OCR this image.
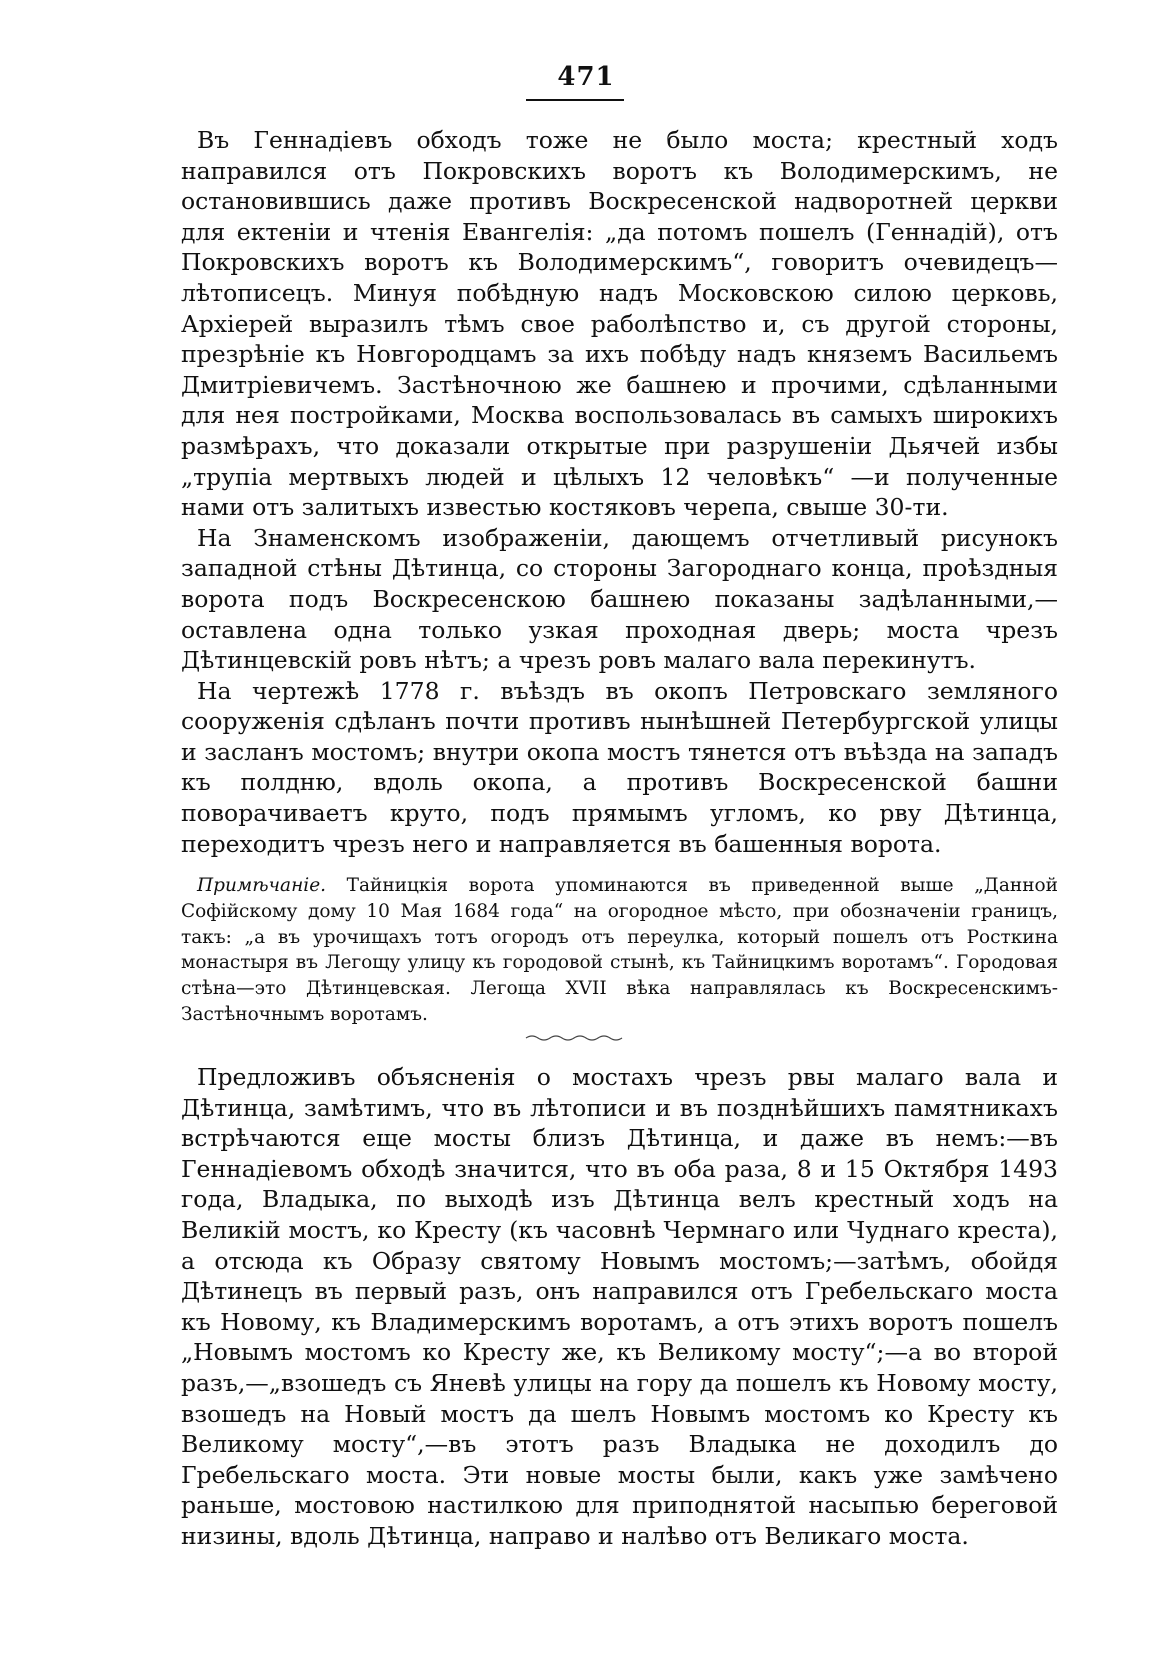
471

Въ Геннадіевъ обходъ тоже не было моста; крестный ходъ направился отъ Покровскихъ воротъ къ Володимерскимъ, не остановившись даже противъ Воскресенской надворотней церкви для ектеніи и чтенія Евангелія: „да потомъ пошелъ (Геннадій), отъ Покровскихъ воротъ къ Володимерскимъ“, говоритъ очевидецъ—лѣтописецъ. Минуя побѣдную надъ Московскою силою церковь, Архіерей выразилъ тѣмъ свое раболѣпство и, съ другой стороны, презрѣніе къ Новгородцамъ за ихъ побѣду надъ княземъ Васильемъ Дмитріевичемъ. Застѣночною же башнею и прочими, сдѣланными для нея постройками, Москва воспользовалась въ самыхъ широкихъ размѣрахъ, что доказали открытые при разрушеніи Дьячей избы „трупіа мертвыхъ людей и цѣлыхъ 12 человѣкъ“ —и полученные нами отъ залитыхъ известью костяковъ черепа, свыше 30-ти.

На Знаменскомъ изображеніи, дающемъ отчетливый рисунокъ западной стѣны Дѣтинца, со стороны Загороднаго конца, проѣздныя ворота подъ Воскресенскою башнею показаны задѣланными,—оставлена одна только узкая проходная дверь; моста чрезъ Дѣтинцевскій ровъ нѣтъ; а чрезъ ровъ малаго вала перекинутъ.

На чертежѣ 1778 г. въѣздъ въ окопъ Петровскаго земляного сооруженія сдѣланъ почти противъ нынѣшней Петербургской улицы и засланъ мостомъ; внутри окопа мостъ тянется отъ въѣзда на западъ къ полдню, вдоль окопа, а противъ Воскресенской башни поворачиваетъ круто, подъ прямымъ угломъ, ко рву Дѣтинца, переходитъ чрезъ него и направляется въ башенныя ворота.

Примѣчаніе. Тайницкія ворота упоминаются въ приведенной выше „Данной Софійскому дому 10 Мая 1684 года“ на огородное мѣсто, при обозначеніи границъ, такъ: „а въ урочищахъ тотъ огородъ отъ переулка, который пошелъ отъ Росткина монастыря въ Легощу улицу къ городовой стынѣ, къ Тайницкимъ воротамъ“. Городовая стѣна—это Дѣтинцевская. Легоща XVII вѣка направлялась къ Воскресенскимъ-Застѣночнымъ воротамъ.

Предложивъ объясненія о мостахъ чрезъ рвы малаго вала и Дѣтинца, замѣтимъ, что въ лѣтописи и въ позднѣйшихъ памятникахъ встрѣчаются еще мосты близъ Дѣтинца, и даже въ немъ:—въ Геннадіевомъ обходѣ значится, что въ оба раза, 8 и 15 Октября 1493 года, Владыка, по выходѣ изъ Дѣтинца велъ крестный ходъ на Великій мостъ, ко Кресту (къ часовнѣ Чермнаго или Чуднаго креста), а отсюда къ Образу святому Новымъ мостомъ;—затѣмъ, обойдя Дѣтинецъ въ первый разъ, онъ направился отъ Гребельскаго моста къ Новому, къ Владимерскимъ воротамъ, а отъ этихъ воротъ пошелъ „Новымъ мостомъ ко Кресту же, къ Великому мосту“;—а во второй разъ,—„взошедъ съ Яневѣ улицы на гору да пошелъ къ Новому мосту, взошедъ на Новый мостъ да шелъ Новымъ мостомъ ко Кресту къ Великому мосту“,—въ этотъ разъ Владыка не доходилъ до Гребельскаго моста. Эти новые мосты были, какъ уже замѣчено раньше, мостовою настилкою для приподнятой насыпью береговой низины, вдоль Дѣтинца, направо и налѣво отъ Великаго моста.
